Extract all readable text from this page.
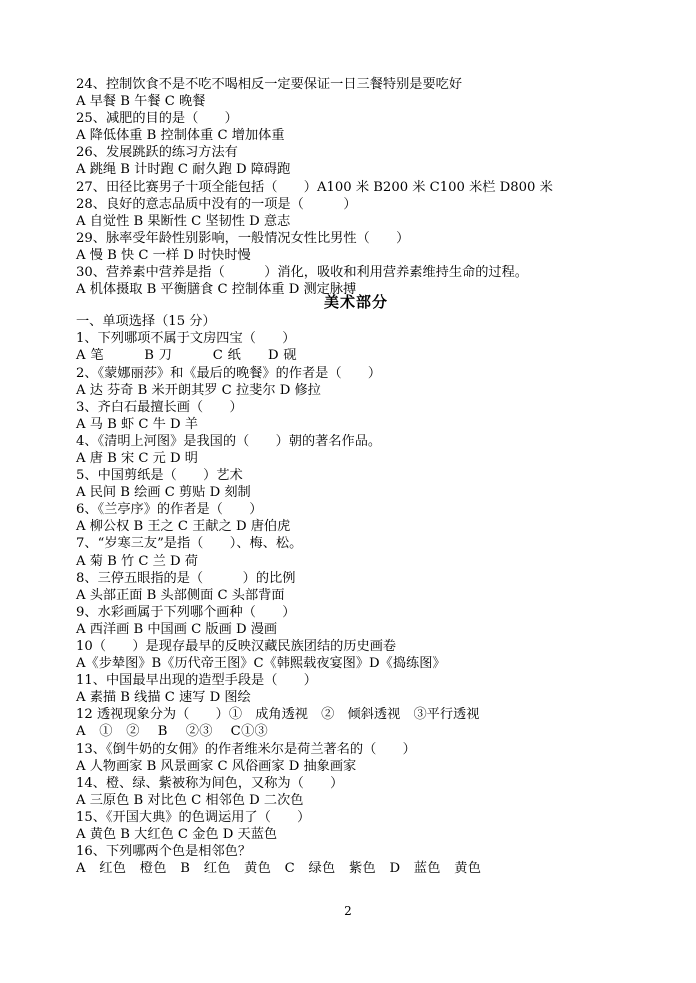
24、控制饮食不是不吃不喝相反一定要保证一日三餐特别是要吃好
A 早餐 B 午餐 C 晚餐
25、减肥的目的是（　　）
A 降低体重 B 控制体重 C 增加体重
26、发展跳跃的练习方法有
A 跳绳 B 计时跑 C 耐久跑 D 障碍跑
27、田径比赛男子十项全能包括（　　）A100 米 B200 米 C100 米栏 D800 米
28、良好的意志品质中没有的一项是（　　　）
A 自觉性 B 果断性 C 坚韧性 D 意志
29、脉率受年龄性别影响，一般情况女性比男性（　　）
A 慢 B 快 C 一样 D 时快时慢
30、营养素中营养是指（　　　）消化，吸收和利用营养素维持生命的过程。
A 机体摄取 B 平衡膳食 C 控制体重 D 测定脉搏
美术部分
一、单项选择（15 分）
1、下列哪项不属于文房四宝（　　）
A 笔　　　B 刀　　　C 纸　　D 砚
2、《蒙娜丽莎》和《最后的晚餐》的作者是（　　）
A 达 芬奇 B 米开朗其罗 C 拉斐尔 D 修拉
3、齐白石最擅长画（　　）
A 马 B 虾 C 牛 D 羊
4、《清明上河图》是我国的（　　）朝的著名作品。
A 唐 B 宋 C 元 D 明
5、中国剪纸是（　　）艺术
A 民间 B 绘画 C 剪贴 D 刻制
6、《兰亭序》的作者是（　　）
A 柳公权 B 王之 C 王献之 D 唐伯虎
7、“岁寒三友”是指（　　）、梅、松。
A 菊 B 竹 C 兰 D 荷
8、三停五眼指的是（　　　）的比例
A 头部正面 B 头部侧面 C 头部背面
9、水彩画属于下列哪个画种（　　）
A 西洋画 B 中国画 C 版画 D 漫画
10（　　）是现存最早的反映汉藏民族团结的历史画卷
A《步辇图》B《历代帝王图》C《韩熙载夜宴图》D《捣练图》
11、中国最早出现的造型手段是（　　）
A 素描 B 线描 C 速写 D 图绘
12 透视现象分为（　　）①　成角透视　②　倾斜透视　③平行透视
A　①　②　 B　 ②③　 C①③
13、《倒牛奶的女佣》的作者维米尔是荷兰著名的（　　）
A 人物画家 B 风景画家 C 风俗画家 D 抽象画家
14、橙、绿、紫被称为间色，又称为（　　）
A 三原色 B 对比色 C 相邻色 D 二次色
15、《开国大典》的色调运用了（　　）
A 黄色 B 大红色 C 金色 D 天蓝色
16、下列哪两个色是相邻色？
A　红色　橙色　B　红色　黄色　C　绿色　紫色　D　蓝色　黄色
2
